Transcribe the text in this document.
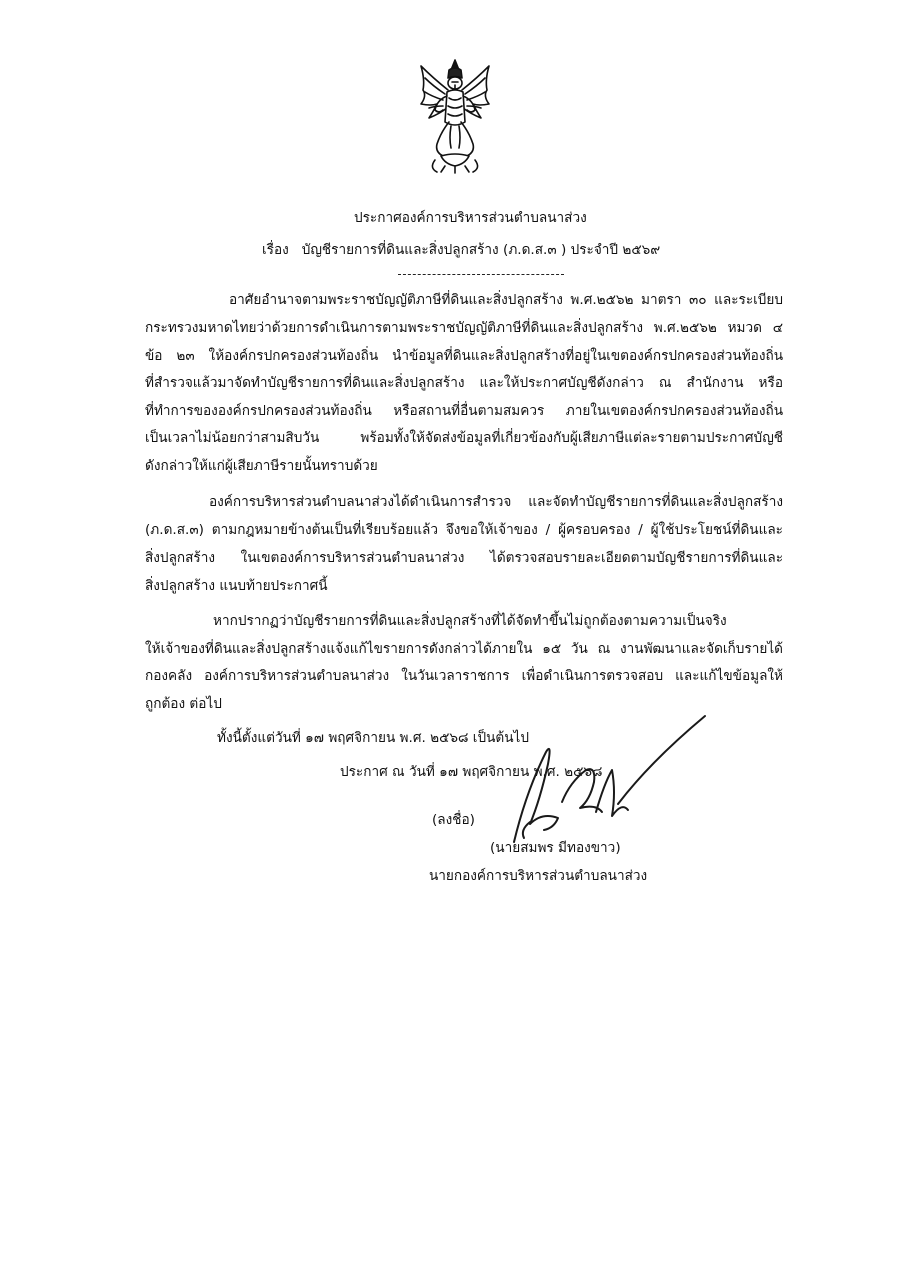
ประกาศองค์การบริหารส่วนตำบลนาส่วง

เรื่อง บัญชีรายการที่ดินและสิ่งปลูกสร้าง (ภ.ด.ส.๓ ) ประจำปี ๒๕๖๙

อาศัยอำนาจตามพระราชบัญญัติภาษีที่ดินและสิ่งปลูกสร้าง พ.ศ.๒๕๖๒ มาตรา ๓๐ และระเบียบ

กระทรวงมหาดไทยว่าด้วยการดำเนินการตามพระราชบัญญัติภาษีที่ดินและสิ่งปลูกสร้าง พ.ศ.๒๕๖๒ หมวด ๔

ข้อ ๒๓ ให้องค์กรปกครองส่วนท้องถิ่น นำข้อมูลที่ดินและสิ่งปลูกสร้างที่อยู่ในเขตองค์กรปกครองส่วนท้องถิ่น

ที่สำรวจแล้วมาจัดทำบัญชีรายการที่ดินและสิ่งปลูกสร้าง และให้ประกาศบัญชีดังกล่าว ณ สำนักงาน หรือ

ที่ทำการขององค์กรปกครองส่วนท้องถิ่น หรือสถานที่อื่นตามสมควร ภายในเขตองค์กรปกครองส่วนท้องถิ่น

เป็นเวลาไม่น้อยกว่าสามสิบวัน พร้อมทั้งให้จัดส่งข้อมูลที่เกี่ยวข้องกับผู้เสียภาษีแต่ละรายตามประกาศบัญชี

ดังกล่าวให้แก่ผู้เสียภาษีรายนั้นทราบด้วย

องค์การบริหารส่วนตำบลนาส่วงได้ดำเนินการสำรวจ และจัดทำบัญชีรายการที่ดินและสิ่งปลูกสร้าง

(ภ.ด.ส.๓) ตามกฎหมายข้างต้นเป็นที่เรียบร้อยแล้ว จึงขอให้เจ้าของ / ผู้ครอบครอง / ผู้ใช้ประโยชน์ที่ดินและ

สิ่งปลูกสร้าง ในเขตองค์การบริหารส่วนตำบลนาส่วง ได้ตรวจสอบรายละเอียดตามบัญชีรายการที่ดินและ

สิ่งปลูกสร้าง แนบท้ายประกาศนี้

หากปรากฏว่าบัญชีรายการที่ดินและสิ่งปลูกสร้างที่ได้จัดทำขึ้นไม่ถูกต้องตามความเป็นจริง

ให้เจ้าของที่ดินและสิ่งปลูกสร้างแจ้งแก้ไขรายการดังกล่าวได้ภายใน ๑๕ วัน ณ งานพัฒนาและจัดเก็บรายได้

กองคลัง องค์การบริหารส่วนตำบลนาส่วง ในวันเวลาราชการ เพื่อดำเนินการตรวจสอบ และแก้ไขข้อมูลให้

ถูกต้อง ต่อไป

ทั้งนี้ตั้งแต่วันที่ ๑๗ พฤศจิกายน พ.ศ. ๒๕๖๘ เป็นต้นไป

ประกาศ ณ วันที่ ๑๗ พฤศจิกายน พ.ศ. ๒๕๖๘

(ลงชื่อ)

(นายสมพร มีทองขาว)

นายกองค์การบริหารส่วนตำบลนาส่วง
